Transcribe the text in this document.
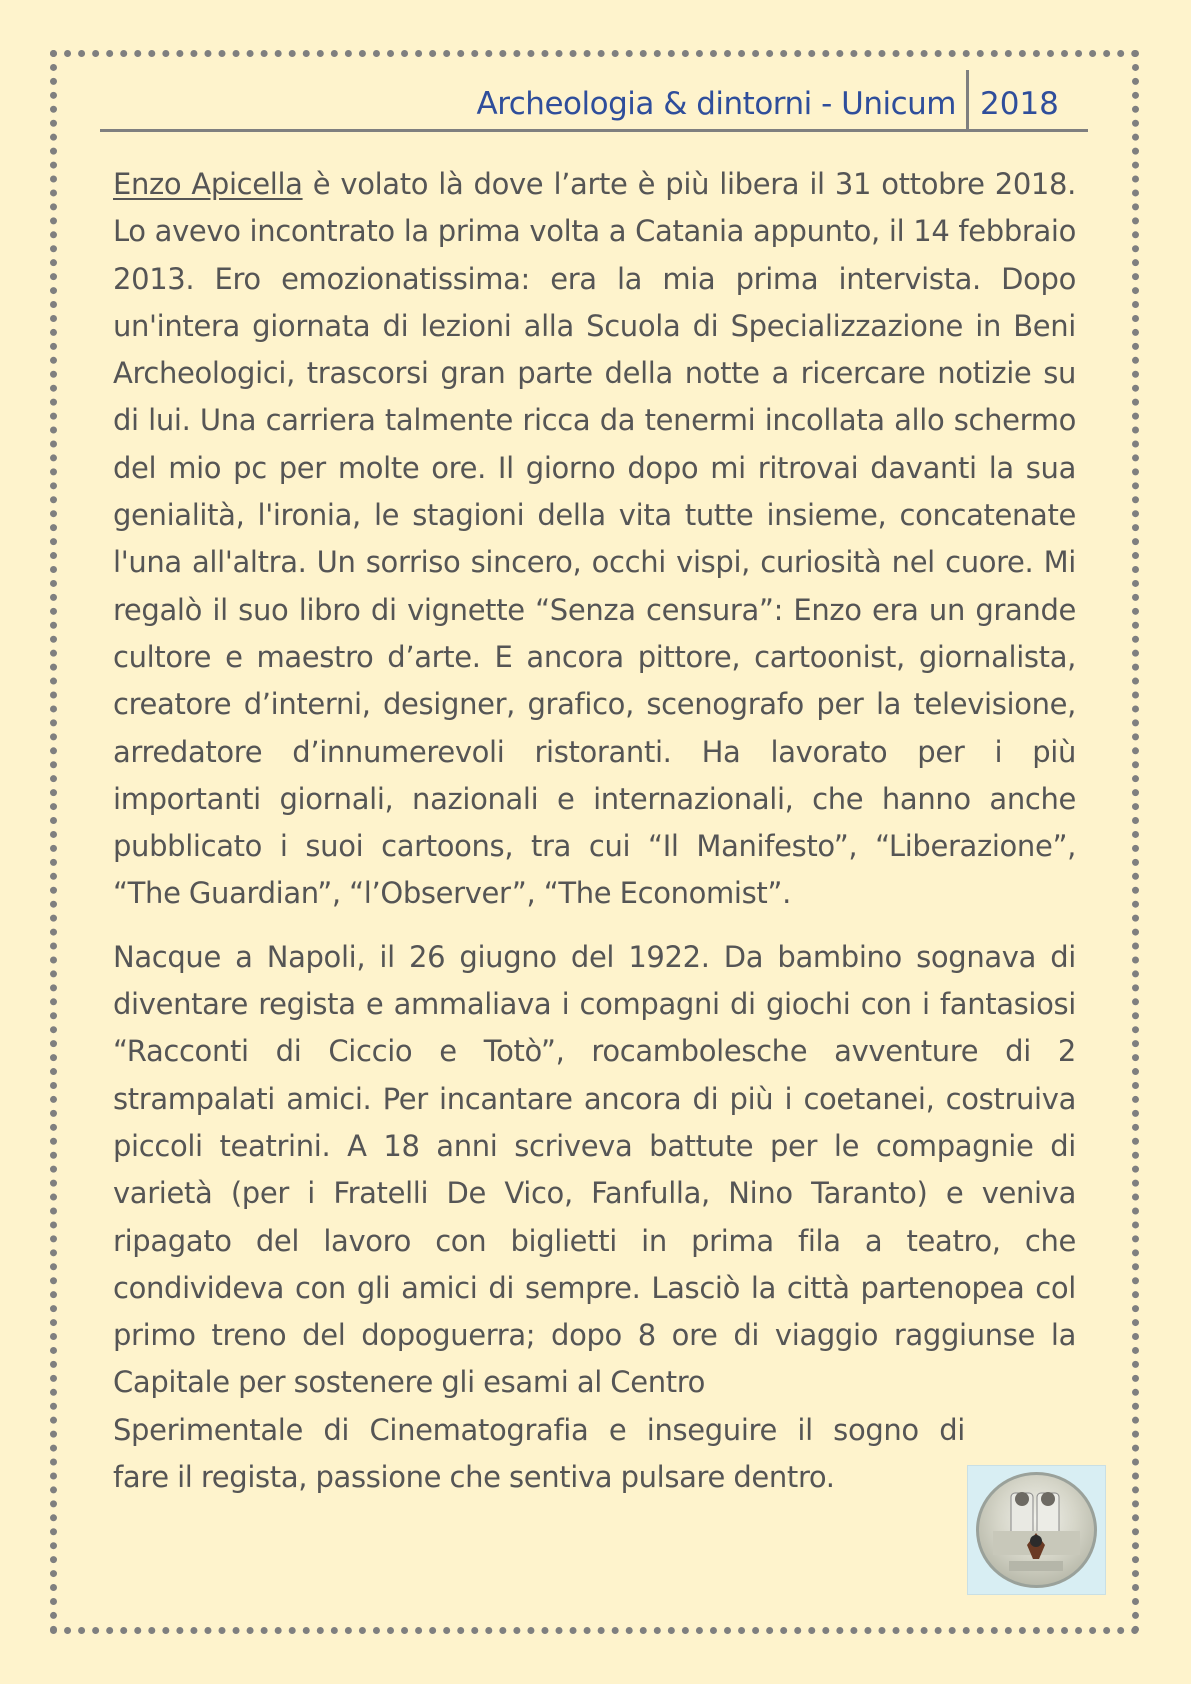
Archeologia & dintorni - Unicum 2018

Enzo Apicella è volato là dove l’arte è più libera il 31 ottobre 2018. Lo avevo incontrato la prima volta a Catania appunto, il 14 febbraio 2013. Ero emozionatissima: era la mia prima intervista. Dopo un'intera giornata di lezioni alla Scuola di Specializzazione in Beni Archeologici, trascorsi gran parte della notte a ricercare notizie su di lui. Una carriera talmente ricca da tenermi incollata allo schermo del mio pc per molte ore. Il giorno dopo mi ritrovai davanti la sua genialità, l'ironia, le stagioni della vita tutte insieme, concatenate l'una all'altra. Un sorriso sincero, occhi vispi, curiosità nel cuore. Mi regalò il suo libro di vignette “Senza censura”: Enzo era un grande cultore e maestro d’arte. E ancora pittore, cartoonist, giornalista, creatore d’interni, designer, grafico, scenografo per la televisione, arredatore d’innumerevoli ristoranti. Ha lavorato per i più importanti giornali, nazionali e internazionali, che hanno anche pubblicato i suoi cartoons, tra cui “Il Manifesto”, “Liberazione”, “The Guardian”, “l’Observer”, “The Economist”.

Nacque a Napoli, il 26 giugno del 1922. Da bambino sognava di diventare regista e ammaliava i compagni di giochi con i fantasiosi “Racconti di Ciccio e Totò”, rocambolesche avventure di 2 strampalati amici. Per incantare ancora di più i coetanei, costruiva piccoli teatrini. A 18 anni scriveva battute per le compagnie di varietà (per i Fratelli De Vico, Fanfulla, Nino Taranto) e veniva ripagato del lavoro con biglietti in prima fila a teatro, che condivideva con gli amici di sempre. Lasciò la città partenopea col primo treno del dopoguerra; dopo 8 ore di viaggio raggiunse la Capitale per sostenere gli esami al Centro

Sperimentale di Cinematografia e inseguire il sogno di
fare il regista, passione che sentiva pulsare dentro.
